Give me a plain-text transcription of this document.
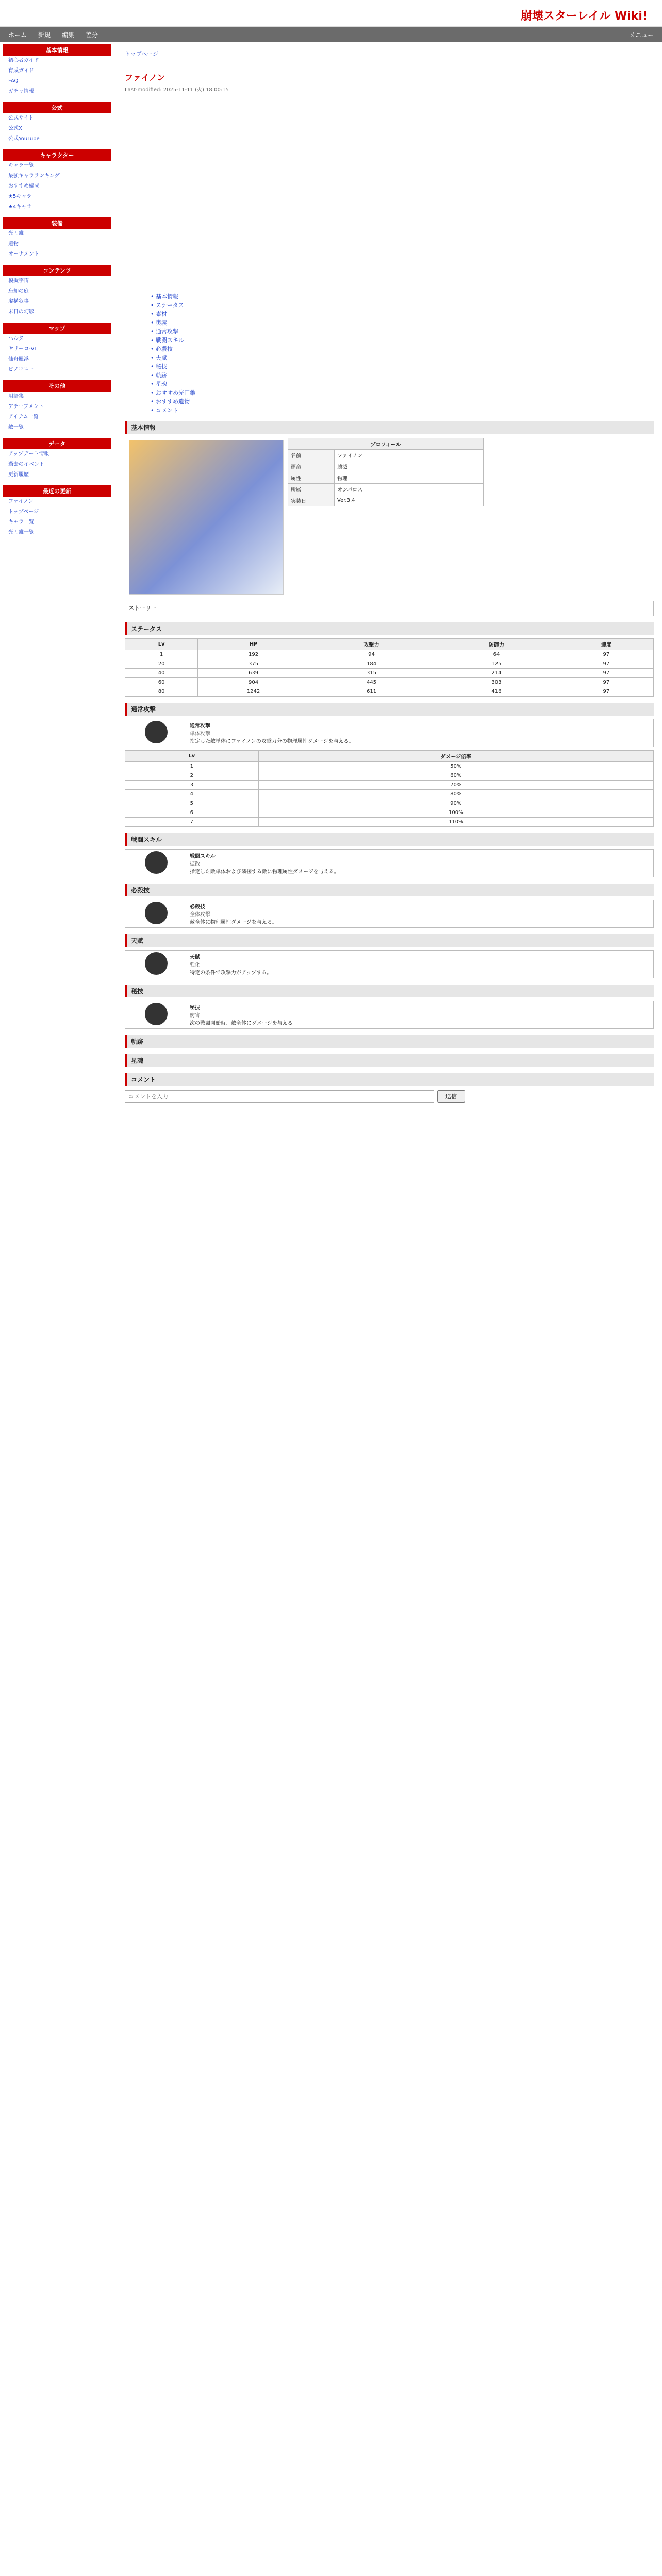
崩壊スターレイル Wiki!
ホーム 新規 編集 差分	メニュー
基本情報
初心者ガイド
育成ガイド
FAQ
ガチャ情報
公式
公式サイト
公式X
公式YouTube
キャラクター
キャラ一覧
最強キャラランキング
おすすめ編成
★5キャラ
★4キャラ
装備
光円錐
遺物
オーナメント
コンテンツ
模擬宇宙
忘却の庭
虚構叙事
末日の幻影
マップ
ヘルタ
ヤリーロ-VI
仙舟羅浮
ピノコニー
その他
用語集
アチーブメント
アイテム一覧
敵一覧
データ
アップデート情報
過去のイベント
更新履歴
最近の更新
ファイノン
トップページ
キャラ一覧
光円錐一覧
トップページ
ファイノン
Last-modified: 2025-11-11 (火) 18:00:15
• 基本情報
• ステータス
• 素材
• 奥義
• 通常攻撃
• 戦闘スキル
• 必殺技
• 天賦
• 秘技
• 軌跡
• 星魂
• おすすめ光円錐
• おすすめ遺物
• コメント
基本情報
プロフィール	
名前	ファイノン
運命	壊滅
属性	物理
所属	オンパロス
実装日	Ver.3.4
ストーリー
ステータス
Lv	HP	攻撃力	防御力	速度
1	192	94	64	97
20	375	184	125	97
40	639	315	214	97
60	904	445	303	97
80	1242	611	416	97
通常攻撃

通常攻撃
単体攻撃
指定した敵単体にファイノンの攻撃力分の物理属性ダメージを与える。
Lv	ダメージ倍率
1	50%
2	60%
3	70%
4	80%
5	90%
6	100%
7	110%
戦闘スキル

戦闘スキル
拡散
指定した敵単体および隣接する敵に物理属性ダメージを与える。
必殺技

必殺技
全体攻撃
敵全体に物理属性ダメージを与える。
天賦

天賦
強化
特定の条件で攻撃力がアップする。
秘技

秘技
妨害
次の戦闘開始時、敵全体にダメージを与える。
軌跡
星魂
コメント
コメントを入力
送信
